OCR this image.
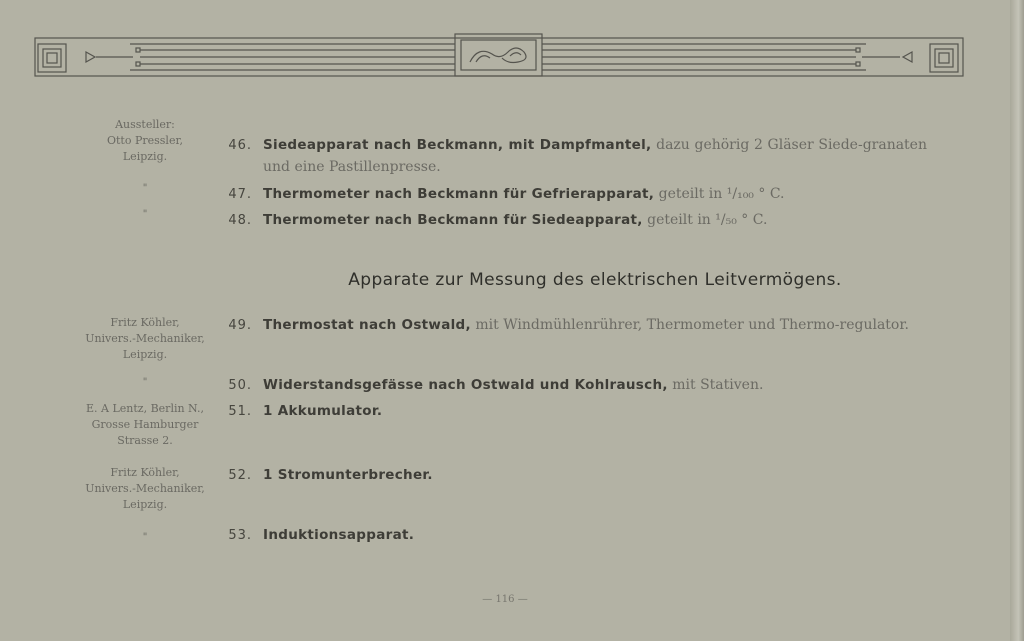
Aussteller:
Otto Pressler,
Leipzig.
"
"
Fritz Köhler,
Univers.-Mechaniker,
Leipzig.
"
E. A Lentz, Berlin N.,
Grosse Hamburger
Strasse 2.
Fritz Köhler,
Univers.-Mechaniker,
Leipzig.
"
46. Siedeapparat nach Beckmann, mit Dampfmantel, dazu gehörig 2 Gläser Siede-granaten und eine Pastillenpresse.
47. Thermometer nach Beckmann für Gefrierapparat, geteilt in ¹/₁₀₀ ° C.
48. Thermometer nach Beckmann für Siedeapparat, geteilt in ¹/₅₀ ° C.
Apparate zur Messung des elektrischen Leitvermögens.
49. Thermostat nach Ostwald, mit Windmühlenrührer, Thermometer und Thermo-regulator.
50. Widerstandsgefässe nach Ostwald und Kohlrausch, mit Stativen.
51. 1 Akkumulator.
52. 1 Stromunterbrecher.
53. Induktionsapparat.
— 116 —
